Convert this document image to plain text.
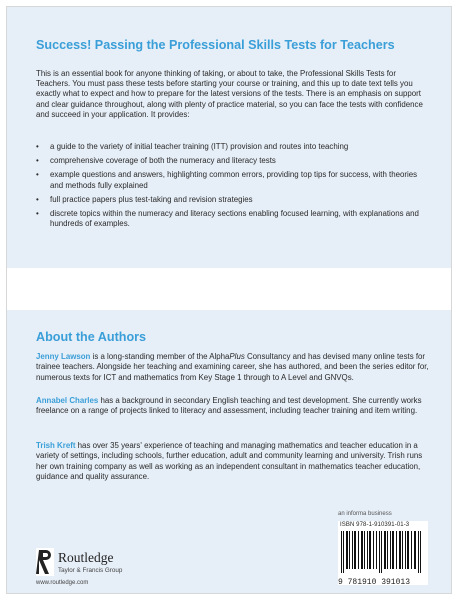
Success! Passing the Professional Skills Tests for Teachers
This is an essential book for anyone thinking of taking, or about to take, the Professional Skills Tests for Teachers. You must pass these tests before starting your course or training, and this up to date text tells you exactly what to expect and how to prepare for the latest versions of the tests. There is an emphasis on support and clear guidance throughout, along with plenty of practice material, so you can face the tests with confidence and succeed in your application. It provides:
• a guide to the variety of initial teacher training (ITT) provision and routes into teaching
• comprehensive coverage of both the numeracy and literacy tests
• example questions and answers, highlighting common errors, providing top tips for success, with theories and methods fully explained
• full practice papers plus test-taking and revision strategies
• discrete topics within the numeracy and literacy sections enabling focused learning, with explanations and hundreds of examples.
About the Authors
Jenny Lawson is a long-standing member of the AlphaPlus Consultancy and has devised many online tests for trainee teachers. Alongside her teaching and examining career, she has authored, and been the series editor for, numerous texts for ICT and mathematics from Key Stage 1 through to A Level and GNVQs.
Annabel Charles has a background in secondary English teaching and test development. She currently works freelance on a range of projects linked to literacy and assessment, including teacher training and item writing.
Trish Kreft has over 35 years' experience of teaching and managing mathematics and teacher education in a variety of settings, including schools, further education, adult and community learning and university. Trish runs her own training company as well as working as an independent consultant in mathematics teacher education, guidance and quality assurance.
Routledge
Taylor & Francis Group
www.routledge.com
an informa business
ISBN 978-1-910391-01-3
9 781910 391013
